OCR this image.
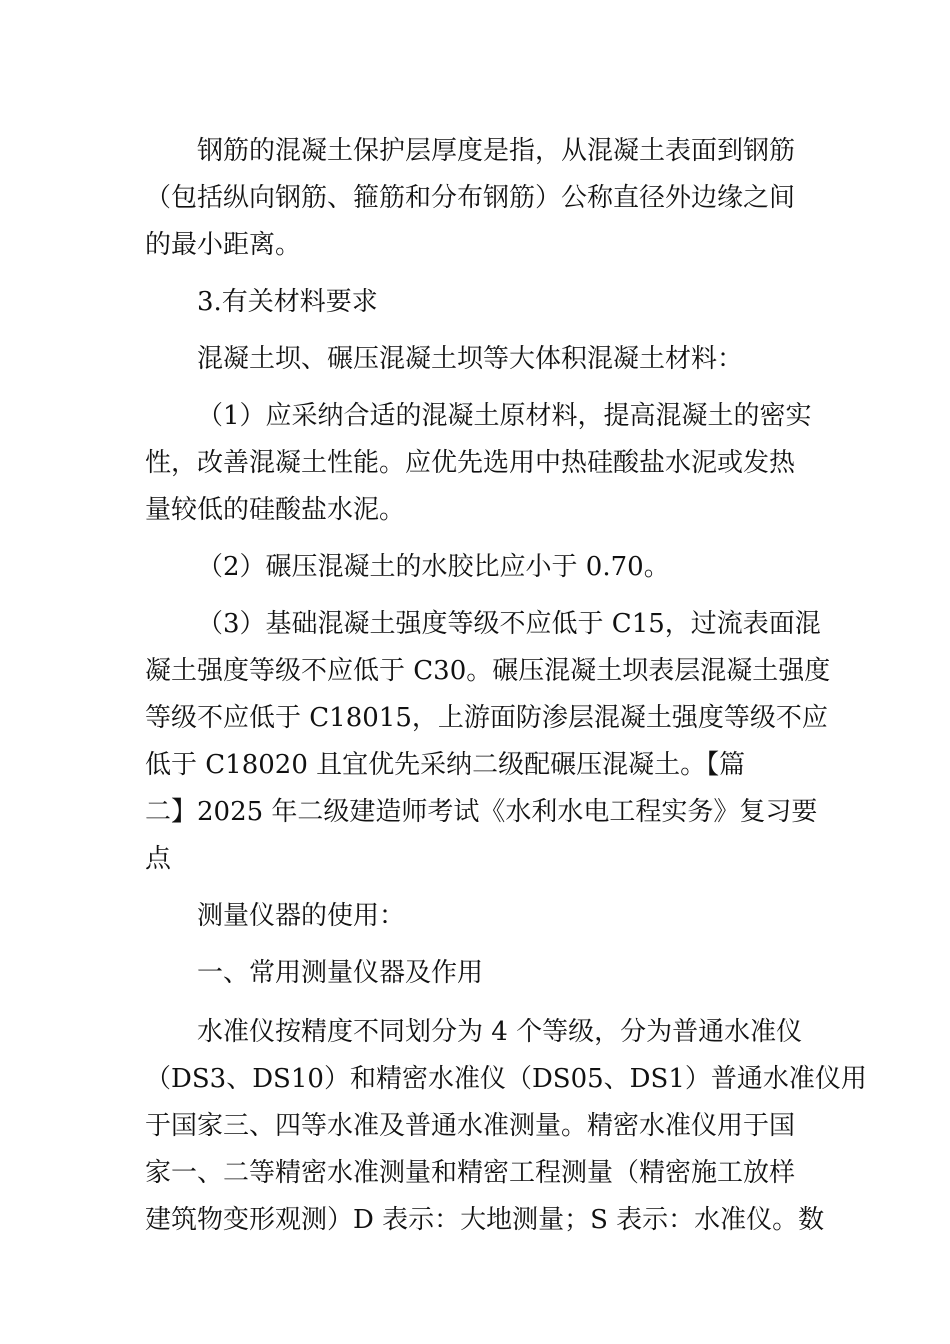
钢筋的混凝土保护层厚度是指，从混凝土表面到钢筋
（包括纵向钢筋、箍筋和分布钢筋）公称直径外边缘之间
的最小距离。
3.有关材料要求
混凝土坝、碾压混凝土坝等大体积混凝土材料：
（1）应采纳合适的混凝土原材料，提高混凝土的密实
性，改善混凝土性能。应优先选用中热硅酸盐水泥或发热
量较低的硅酸盐水泥。
（2）碾压混凝土的水胶比应小于 0.70。
（3）基础混凝土强度等级不应低于 C15，过流表面混
凝土强度等级不应低于 C30。碾压混凝土坝表层混凝土强度
等级不应低于 C18015，上游面防渗层混凝土强度等级不应
低于 C18020 且宜优先采纳二级配碾压混凝土。【篇
二】2025 年二级建造师考试《水利水电工程实务》复习要
点
测量仪器的使用：
一、常用测量仪器及作用
水准仪按精度不同划分为 4 个等级，分为普通水准仪
（DS3、DS10）和精密水准仪（DS05、DS1）普通水准仪用
于国家三、四等水准及普通水准测量。精密水准仪用于国
家一、二等精密水准测量和精密工程测量（精密施工放样
建筑物变形观测）D 表示：大地测量；S 表示：水准仪。数
